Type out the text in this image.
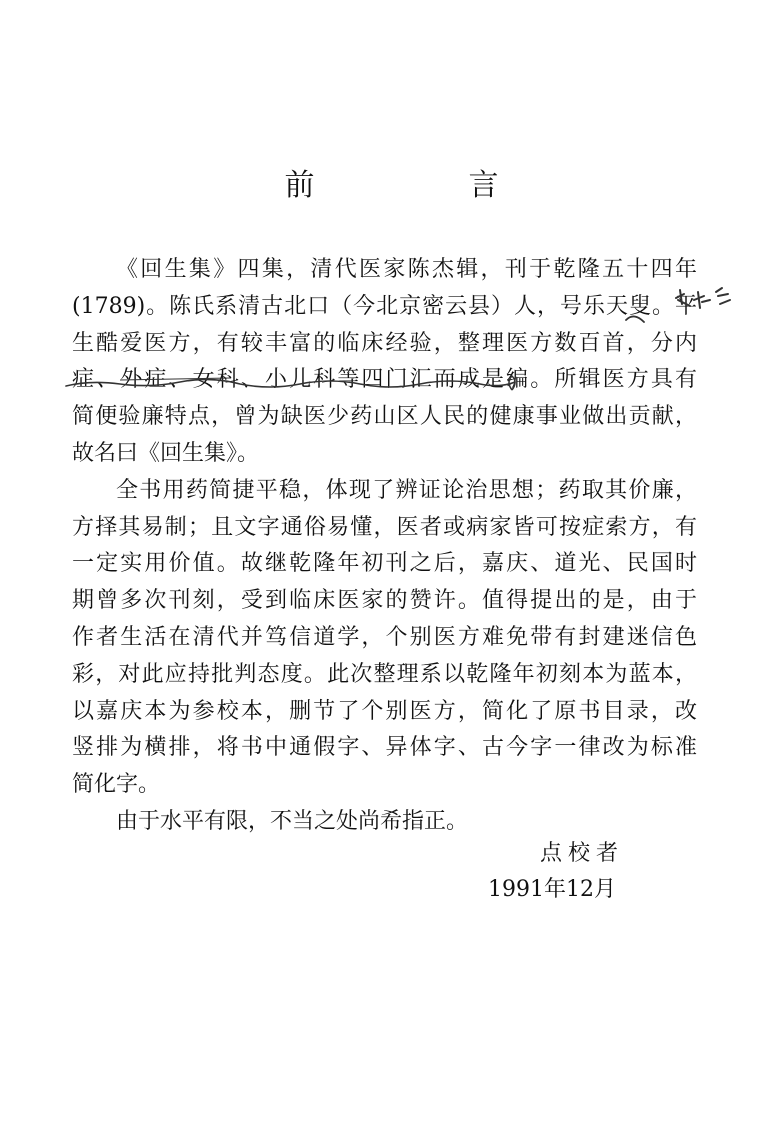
前　言
《回生集》四集，清代医家陈杰辑，刊于乾隆五十四年
(1789)。陈氏系清古北口（今北京密云县）人，号乐天叟。平
生酷爱医方，有较丰富的临床经验，整理医方数百首，分内
症、外症、女科、小儿科等四门汇而成是编。所辑医方具有
简便验廉特点，曾为缺医少药山区人民的健康事业做出贡献，
故名曰《回生集》。
全书用药简捷平稳，体现了辨证论治思想；药取其价廉，
方择其易制；且文字通俗易懂，医者或病家皆可按症索方，有
一定实用价值。故继乾隆年初刊之后，嘉庆、道光、民国时
期曾多次刊刻，受到临床医家的赞许。值得提出的是，由于
作者生活在清代并笃信道学，个别医方难免带有封建迷信色
彩，对此应持批判态度。此次整理系以乾隆年初刻本为蓝本，
以嘉庆本为参校本，删节了个别医方，简化了原书目录，改
竖排为横排，将书中通假字、异体字、古今字一律改为标准
简化字。
由于水平有限，不当之处尚希指正。
点校者
1991年12月
